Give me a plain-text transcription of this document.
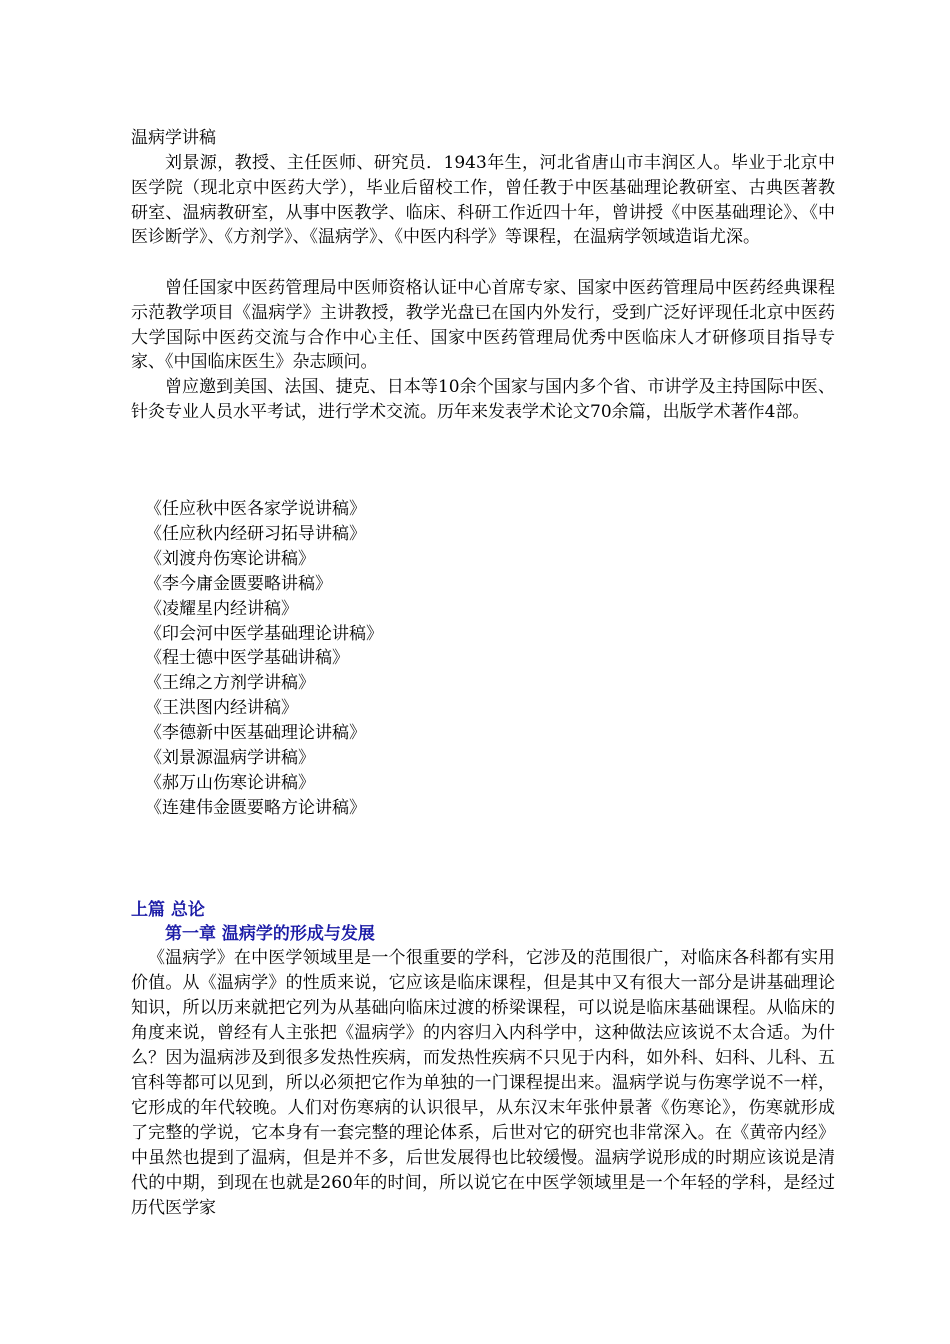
温病学讲稿

刘景源，教授、主任医师、研究员．1943年生，河北省唐山市丰润区人。毕业于北京中医学院（现北京中医药大学），毕业后留校工作，曾任教于中医基础理论教研室、古典医著教研室、温病教研室，从事中医教学、临床、科研工作近四十年，曾讲授《中医基础理论》、《中医诊断学》、《方剂学》、《温病学》、《中医内科学》等课程，在温病学领域造诣尤深。

曾任国家中医药管理局中医师资格认证中心首席专家、国家中医药管理局中医药经典课程示范教学项目《温病学》主讲教授，教学光盘已在国内外发行，受到广泛好评现任北京中医药大学国际中医药交流与合作中心主任、国家中医药管理局优秀中医临床人才研修项目指导专家、《中国临床医生》杂志顾问。

曾应邀到美国、法国、捷克、日本等10余个国家与国内多个省、市讲学及主持国际中医、针灸专业人员水平考试，进行学术交流。历年来发表学术论文70余篇，出版学术著作4部。

《任应秋中医各家学说讲稿》
《任应秋内经研习拓导讲稿》
《刘渡舟伤寒论讲稿》
《李今庸金匮要略讲稿》
《凌耀星内经讲稿》
《印会河中医学基础理论讲稿》
《程士德中医学基础讲稿》
《王绵之方剂学讲稿》
《王洪图内经讲稿》
《李德新中医基础理论讲稿》
《刘景源温病学讲稿》
《郝万山伤寒论讲稿》
《连建伟金匮要略方论讲稿》
上篇 总论
第一章 温病学的形成与发展

《温病学》在中医学领域里是一个很重要的学科，它涉及的范围很广，对临床各科都有实用价值。从《温病学》的性质来说，它应该是临床课程，但是其中又有很大一部分是讲基础理论知识，所以历来就把它列为从基础向临床过渡的桥梁课程，可以说是临床基础课程。从临床的角度来说，曾经有人主张把《温病学》的内容归入内科学中，这种做法应该说不太合适。为什么？因为温病涉及到很多发热性疾病，而发热性疾病不只见于内科，如外科、妇科、儿科、五官科等都可以见到，所以必须把它作为单独的一门课程提出来。温病学说与伤寒学说不一样，它形成的年代较晚。人们对伤寒病的认识很早，从东汉末年张仲景著《伤寒论》，伤寒就形成了完整的学说，它本身有一套完整的理论体系，后世对它的研究也非常深入。在《黄帝内经》中虽然也提到了温病，但是并不多，后世发展得也比较缓慢。温病学说形成的时期应该说是清代的中期，到现在也就是260年的时间，所以说它在中医学领域里是一个年轻的学科，是经过历代医学家
